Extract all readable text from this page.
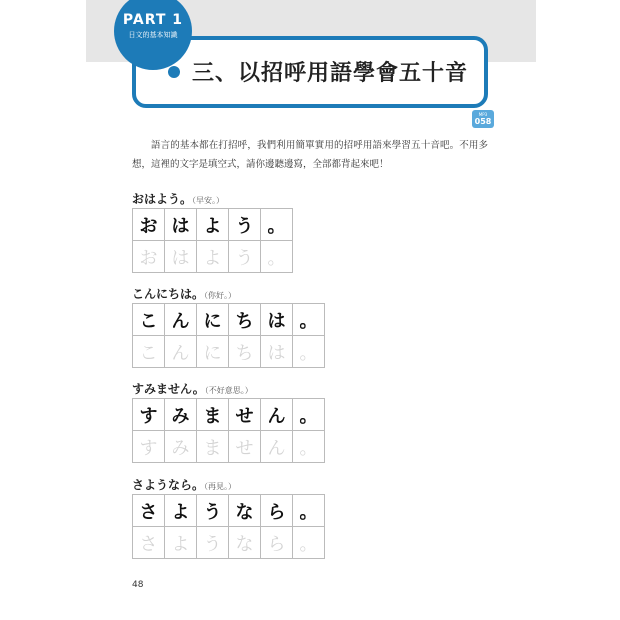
三、以招呼用語學會五十音
PART 1
日文的基本知識
MP3
058
語言的基本都在打招呼，我們利用簡單實用的招呼用語來學習五十音吧。不用多想，這裡的文字是填空式，請你邊聽邊寫，全部都背起來吧！
おはよう。（早安。）
お は よ う 。
お は よ う 。
こんにちは。（你好。）
こ ん に ち は 。
こ ん に ち は 。
すみません。（不好意思。）
す み ま せ ん 。
す み ま せ ん 。
さようなら。（再見。）
さ よ う な ら 。
さ よ う な ら 。
48
